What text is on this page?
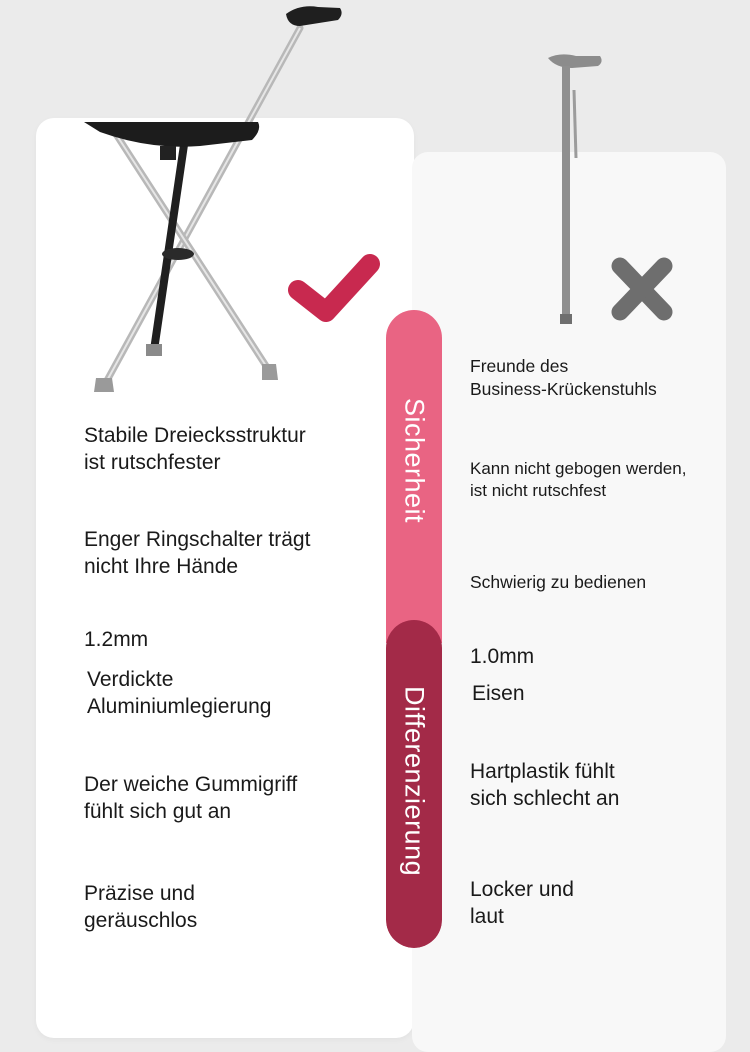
Sicherheit
Differenzierung

Stabile Dreiecksstruktur
ist rutschfester

Enger Ringschalter trägt
nicht Ihre Hände

1.2mm

Verdickte
Aluminiumlegierung

Der weiche Gummigriff
fühlt sich gut an

Präzise und
geräuschlos

Freunde des
Business-Krückenstuhls

Kann nicht gebogen werden,
ist nicht rutschfest

Schwierig zu bedienen

1.0mm

Eisen

Hartplastik fühlt
sich schlecht an

Locker und
laut
